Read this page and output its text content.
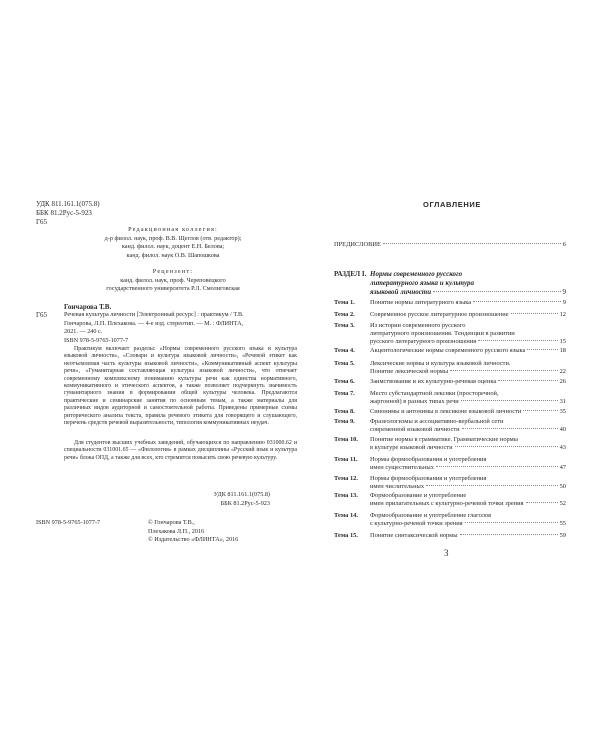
УДК 811.161.1(075.8)
ББК 81.2Рус-5-923
Г65
Редакционная коллегия:
д-р филол. наук, проф. В.В. Щеглов (отв. редактор);
канд. филол. наук, доцент Е.Н. Белова;
канд. филол. наук О.В. Шапошкова
Рецензент:
канд. филол. наук, проф. Череповецкого
государственного университета Р.Л. Смолиговская
Гончарова Т.В.
Г65	Речевая культура личности [Электронный ресурс] : практикум / Т.В.

Гончарова, Л.П. Плехакова. — 4-е изд. стереотип. — М. : ФЛИНТА,

2021. — 240 с.

ISBN 978-5-9765-1077-7

Практикум включает разделы: «Нормы современного русского языка и культура языковой личности», «Словари и культура языковой личности», «Речевой этикет как неотъемлемая часть культуры языковой личности», «Коммуникативный аспект культуры речи», «Гуманитарная составляющая культуры языковой личности», что отвечает современному комплексному пониманию культуры речи как единства нормативного, коммуникативного и этического аспектов, а также позволяет подчеркнуть значимость гуманитарного знания в формировании общей культуры человека. Предлагаются практические и семинарские занятия по основным темам, а также материалы для различных видов аудиторной и самостоятельной работы. Приведены примерные схемы риторического анализа текста, правила речевого этикета для говорящего и слушающего, перечень средств речевой выразительности, типология коммуникативных неудач.
Для студентов высших учебных заведений, обучающихся по направлению 031000.62 и специальности 031001.65 — «Филология» в рамках дисциплины «Русский язык и культура речи» блока ОПД, а также для всех, кто стремится повысить свою речевую культуру.
УДК 811.161.1(075.8)
ББК 81.2Рус-5-923
ISBN 978-5-9765-1077-7	© Гончарова Т.В.,
Плехакова Л.П., 2016
© Издательство «ФЛИНТА», 2016
ОГЛАВЛЕНИЕ
ПРЕДИСЛОВИЕ	6
РАЗДЕЛ I. Нормы современного русского
литературного языка и культура
языковой личности	9
Тема 1. Понятие нормы литературного языка	9
Тема 2. Современное русское литературное произношение	12
Тема 3. Из истории современного русского
литературного произношения. Тенденции в развитии
русского литературного произношения	15
Тема 4. Акцентологические нормы современного русского языка	18
Тема 5. Лексические нормы и культура языковой личности.
Понятие лексической нормы	22
Тема 6. Заимствования и их культурно-речевая оценка	26
Тема 7. Место субстандартной лексики (просторечной,
жаргонной) в разных типах речи	31
Тема 8. Синонимы и антонимы в лексиконе языковой личности	35
Тема 9. Фразеологизмы и ассоциативно-вербальной сети
современной языковой личности	40
Тема 10. Понятие нормы в грамматике. Грамматические нормы
в культуре языковой личности	43
Тема 11. Нормы формообразования и употребления
имен существительных	47
Тема 12. Нормы формообразования и употребления
имен числительных	50
Тема 13. Формообразование и употребление
имен прилагательных с культурно-речевой точки зрения	52
Тема 14. Формообразование и употребление глаголов
с культурно-речевой точки зрения	55
Тема 15. Понятие синтаксической нормы	59
3
